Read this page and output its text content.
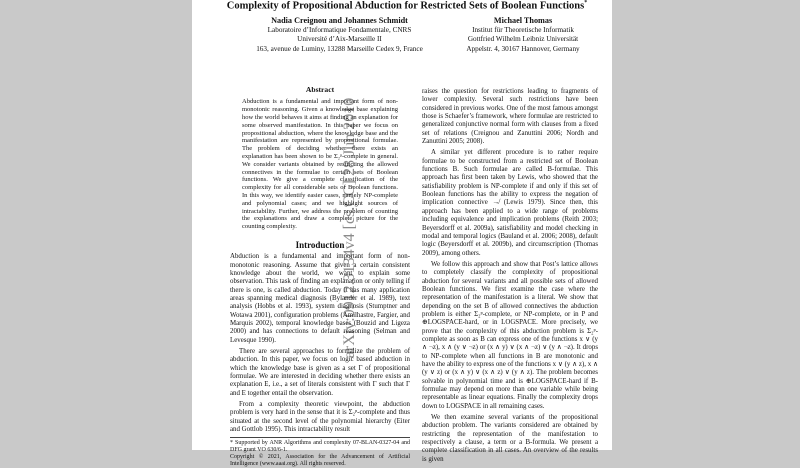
arXiv:0912.3134v4 [cs.CC] 28 Jun 2010
Complexity of Propositional Abduction for Restricted Sets of Boolean Functions*
Nadia Creignou and Johannes Schmidt
Laboratoire d’Informatique Fondamentale, CNRS
Université d’Aix-Marseille II
163, avenue de Luminy, 13288 Marseille Cedex 9, France
Michael Thomas
Institut für Theoretische Informatik
Gottfried Wilhelm Leibniz Universität
Appelstr. 4, 30167 Hannover, Germany
Abstract
Abduction is a fundamental and important form of non-monotonic reasoning. Given a knowledge base explaining how the world behaves it aims at finding an explanation for some observed manifestation. In this paper we focus on propositional abduction, where the knowledge base and the manifestation are represented by propositional formulae. The problem of deciding whether there exists an explanation has been shown to be Σ₂ᵖ-complete in general. We consider variants obtained by restricting the allowed connectives in the formulae to certain sets of Boolean functions. We give a complete classification of the complexity for all considerable sets of Boolean functions. In this way, we identify easier cases, namely NP-complete and polynomial cases; and we highlight sources of intractability. Further, we address the problem of counting the explanations and draw a complete picture for the counting complexity.
Introduction

Abduction is a fundamental and important form of non-monotonic reasoning. Assume that given a certain consistent knowledge about the world, we want to explain some observation. This task of finding an explanation or only telling if there is one, is called abduction. Today it has many application areas spanning medical diagnosis (Bylander et al. 1989), text analysis (Hobbs et al. 1993), system diagnosis (Stumptner and Wotawa 2001), configuration problems (Amilhastre, Fargier, and Marquis 2002), temporal knowledge bases (Bouzid and Ligeza 2000) and has connections to default reasoning (Selman and Levesque 1990).

There are several approaches to formalize the problem of abduction. In this paper, we focus on logic based abduction in which the knowledge base is given as a set Γ of propositional formulae. We are interested in deciding whether there exists an explanation E, i.e., a set of literals consistent with Γ such that Γ and E together entail the observation.

From a complexity theoretic viewpoint, the abduction problem is very hard in the sense that it is Σ₂ᵖ-complete and thus situated at the second level of the polynomial hierarchy (Eiter and Gottlob 1995). This intractability result

* Supported by ANR Algorithms and complexity 07-BLAN-0327-04 and DFG grant VO 630/6-1.

Copyright © 2021, Association for the Advancement of Artificial Intelligence (www.aaai.org). All rights reserved.

raises the question for restrictions leading to fragments of lower complexity. Several such restrictions have been considered in previous works. One of the most famous amongst those is Schaefer’s framework, where formulae are restricted to generalized conjunctive normal form with clauses from a fixed set of relations (Creignou and Zanuttini 2006; Nordh and Zanuttini 2005; 2008).

A similar yet different procedure is to rather require formulae to be constructed from a restricted set of Boolean functions B. Such formulae are called B-formulae. This approach has first been taken by Lewis, who showed that the satisfiability problem is NP-complete if and only if this set of Boolean functions has the ability to express the negation of implication connective ↛ (Lewis 1979). Since then, this approach has been applied to a wide range of problems including equivalence and implication problems (Reith 2003; Beyersdorff et al. 2009a), satisfiability and model checking in modal and temporal logics (Bauland et al. 2006; 2008), default logic (Beyersdorff et al. 2009b), and circumscription (Thomas 2009), among others.

We follow this approach and show that Post’s lattice allows to completely classify the complexity of propositional abduction for several variants and all possible sets of allowed Boolean functions. We first examine the case where the representation of the manifestation is a literal. We show that depending on the set B of allowed connectives the abduction problem is either Σ₂ᵖ-complete, or NP-complete, or in P and ⊕LOGSPACE-hard, or in LOGSPACE. More precisely, we prove that the complexity of this abduction problem is Σ₂ᵖ-complete as soon as B can express one of the functions x ∨ (y ∧ ¬z), x ∧ (y ∨ ¬z) or (x ∧ y) ∨ (x ∧ ¬z) ∨ (y ∧ ¬z). It drops to NP-complete when all functions in B are monotonic and have the ability to express one of the functions x ∨ (y ∧ z), x ∧ (y ∨ z) or (x ∧ y) ∨ (x ∧ z) ∨ (y ∧ z). The problem becomes solvable in polynomial time and is ⊕LOGSPACE-hard if B-formulae may depend on more than one variable while being representable as linear equations. Finally the complexity drops down to LOGSPACE in all remaining cases.

We then examine several variants of the propositional abduction problem. The variants considered are obtained by restricting the representation of the manifestation to respectively a clause, a term or a B-formula. We present a complete classification in all cases. An overview of the results is given
